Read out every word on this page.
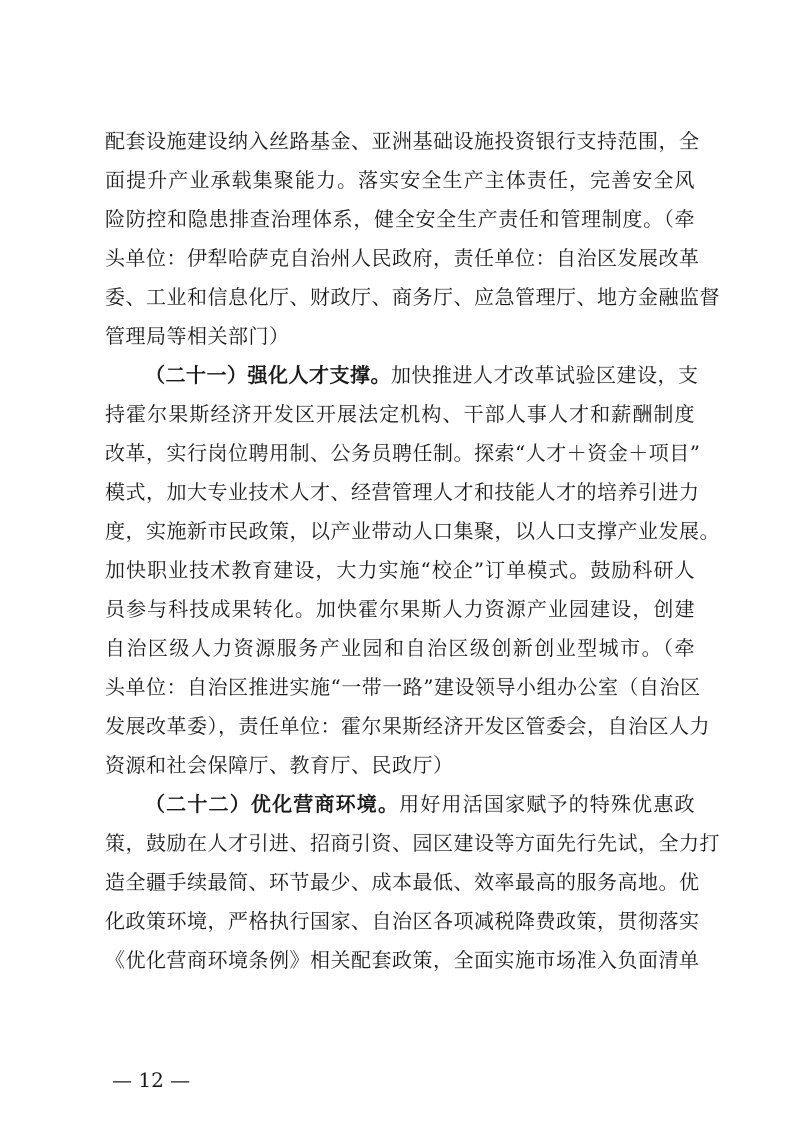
配套设施建设纳入丝路基金、亚洲基础设施投资银行支持范围，全
面提升产业承载集聚能力。落实安全生产主体责任，完善安全风
险防控和隐患排查治理体系，健全安全生产责任和管理制度。（牵
头单位：伊犁哈萨克自治州人民政府，责任单位：自治区发展改革
委、工业和信息化厅、财政厅、商务厅、应急管理厅、地方金融监督
管理局等相关部门）
（二十一）强化人才支撑。加快推进人才改革试验区建设，支
持霍尔果斯经济开发区开展法定机构、干部人事人才和薪酬制度
改革，实行岗位聘用制、公务员聘任制。探索“人才＋资金＋项目”
模式，加大专业技术人才、经营管理人才和技能人才的培养引进力
度，实施新市民政策，以产业带动人口集聚，以人口支撑产业发展。
加快职业技术教育建设，大力实施“校企”订单模式。鼓励科研人
员参与科技成果转化。加快霍尔果斯人力资源产业园建设，创建
自治区级人力资源服务产业园和自治区级创新创业型城市。（牵
头单位：自治区推进实施“一带一路”建设领导小组办公室（自治区
发展改革委），责任单位：霍尔果斯经济开发区管委会，自治区人力
资源和社会保障厅、教育厅、民政厅）
（二十二）优化营商环境。用好用活国家赋予的特殊优惠政
策，鼓励在人才引进、招商引资、园区建设等方面先行先试，全力打
造全疆手续最简、环节最少、成本最低、效率最高的服务高地。优
化政策环境，严格执行国家、自治区各项减税降费政策，贯彻落实
《优化营商环境条例》相关配套政策，全面实施市场准入负面清单
— 12 —
